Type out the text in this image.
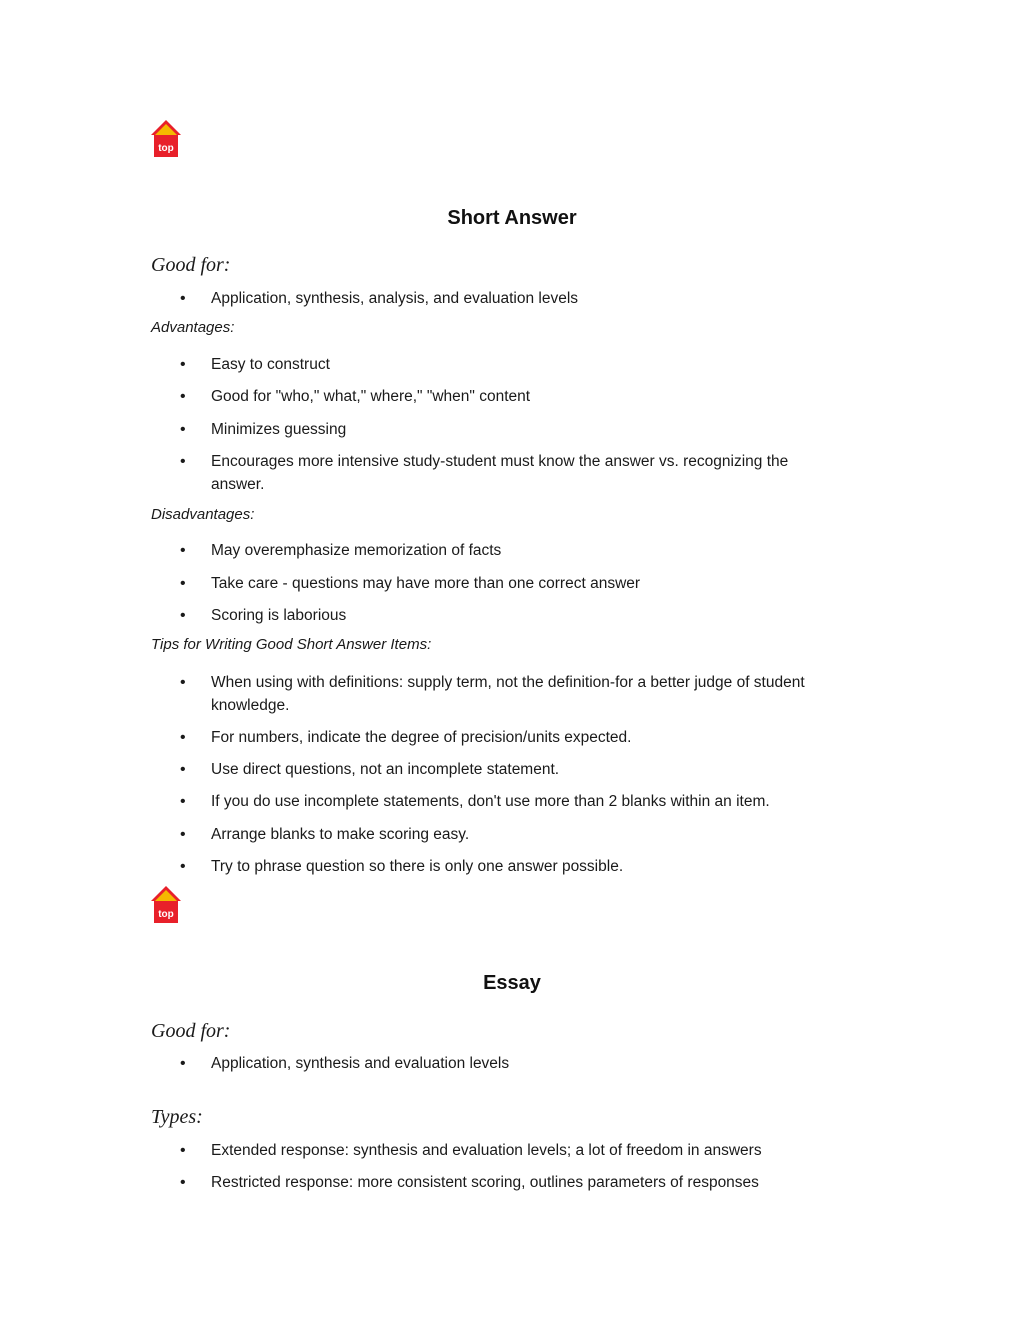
top
Short Answer
Good for:
• Application, synthesis, analysis, and evaluation levels
Advantages:
• Easy to construct
• Good for "who," what," where," "when" content
• Minimizes guessing
• Encourages more intensive study-student must know the answer vs. recognizing the answer.
Disadvantages:
• May overemphasize memorization of facts
• Take care - questions may have more than one correct answer
• Scoring is laborious
Tips for Writing Good Short Answer Items:
• When using with definitions: supply term, not the definition-for a better judge of student knowledge.
• For numbers, indicate the degree of precision/units expected.
• Use direct questions, not an incomplete statement.
• If you do use incomplete statements, don't use more than 2 blanks within an item.
• Arrange blanks to make scoring easy.
• Try to phrase question so there is only one answer possible.
top
Essay
Good for:
• Application, synthesis and evaluation levels
Types:
• Extended response: synthesis and evaluation levels; a lot of freedom in answers
• Restricted response: more consistent scoring, outlines parameters of responses
